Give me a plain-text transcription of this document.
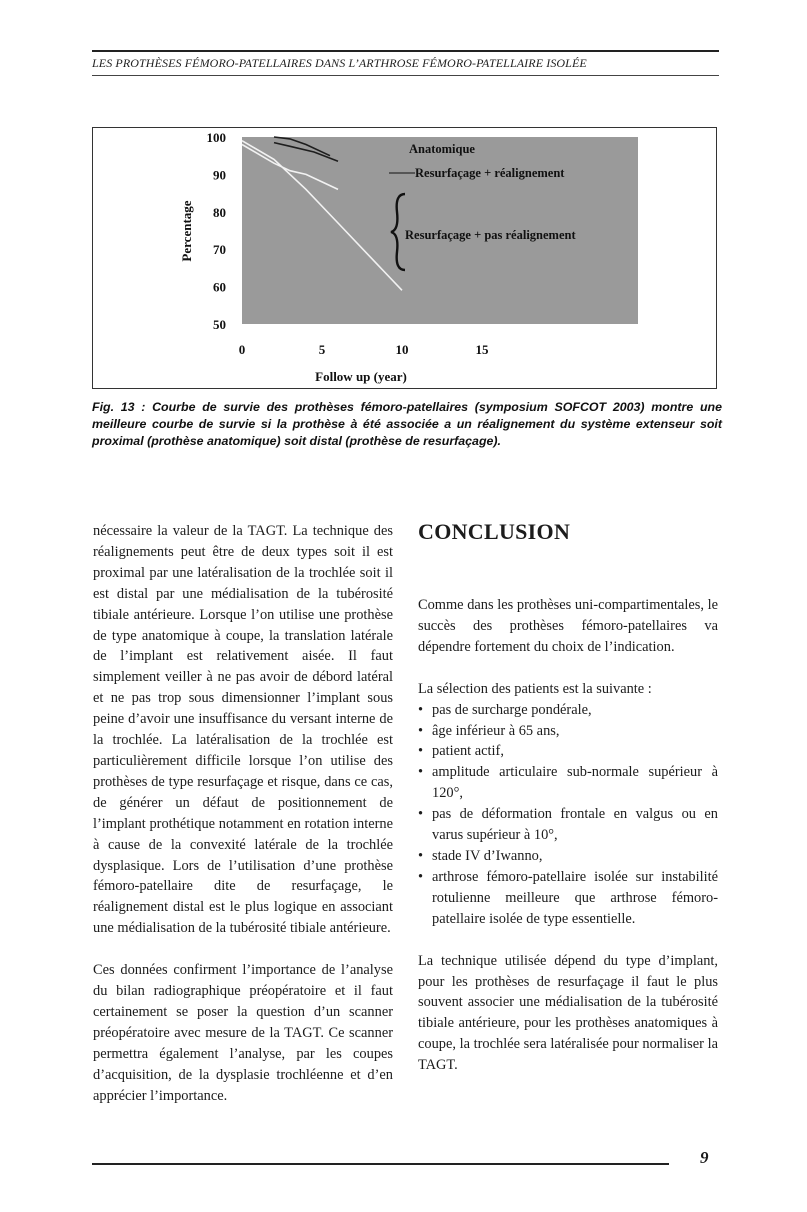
LES PROTHÈSES FÉMORO-PATELLAIRES DANS L’ARTHROSE FÉMORO-PATELLAIRE ISOLÉE
100
90
80
70
60
50
0	5	10	15
Follow up (year)
Percentage
Anatomique
Resurfaçage + réalignement
Resurfaçage + pas réalignement
Fig. 13 : Courbe de survie des prothèses fémoro-patellaires (symposium SOFCOT 2003) montre une meilleure courbe de survie si la prothèse à été associée a un réalignement du système extenseur soit proximal (prothèse anatomique) soit distal (prothèse de resurfaçage).

nécessaire la valeur de la TAGT. La technique des réalignements peut être de deux types soit il est proximal par une latéralisation de la trochlée soit il est distal par une médialisation de la tubérosité tibiale antérieure. Lorsque l’on utilise une prothèse de type anatomique à coupe, la translation latérale de l’implant est relativement aisée. Il faut simplement veiller à ne pas avoir de débord latéral et ne pas trop sous dimensionner l’implant sous peine d’avoir une insuffisance du versant interne de la trochlée. La latéralisation de la trochlée est particulièrement difficile lorsque l’on utilise des prothèses de type resurfaçage et risque, dans ce cas, de générer un défaut de positionnement de l’implant prothétique notamment en rotation interne à cause de la convexité latérale de la trochlée dysplasique. Lors de l’utilisation d’une prothèse fémoro-patellaire dite de resurfaçage, le réalignement distal est le plus logique en associant une médialisation de la tubérosité tibiale antérieure.

Ces données confirment l’importance de l’analyse du bilan radiographique préopératoire et il faut certainement se poser la question d’un scanner préopératoire avec mesure de la TAGT. Ce scanner permettra également l’analyse, par les coupes d’acquisition, de la dysplasie trochléenne et d’en apprécier l’importance.

CONCLUSION

Comme dans les prothèses uni-compartimentales, le succès des prothèses fémoro-patellaires va dépendre fortement du choix de l’indication.

La sélection des patients est la suivante :

• pas de surcharge pondérale,
• âge inférieur à 65 ans,
• patient actif,
• amplitude articulaire sub-normale supérieur à 120°,
• pas de déformation frontale en valgus ou en varus supérieur à 10°,
• stade IV d’Iwanno,
• arthrose fémoro-patellaire isolée sur instabilité rotulienne meilleure que arthrose fémoro-patellaire isolée de type essentielle.

La technique utilisée dépend du type d’implant, pour les prothèses de resurfaçage il faut le plus souvent associer une médialisation de la tubérosité tibiale antérieure, pour les prothèses anatomiques à coupe, la trochlée sera latéralisée pour normaliser la TAGT.

9
